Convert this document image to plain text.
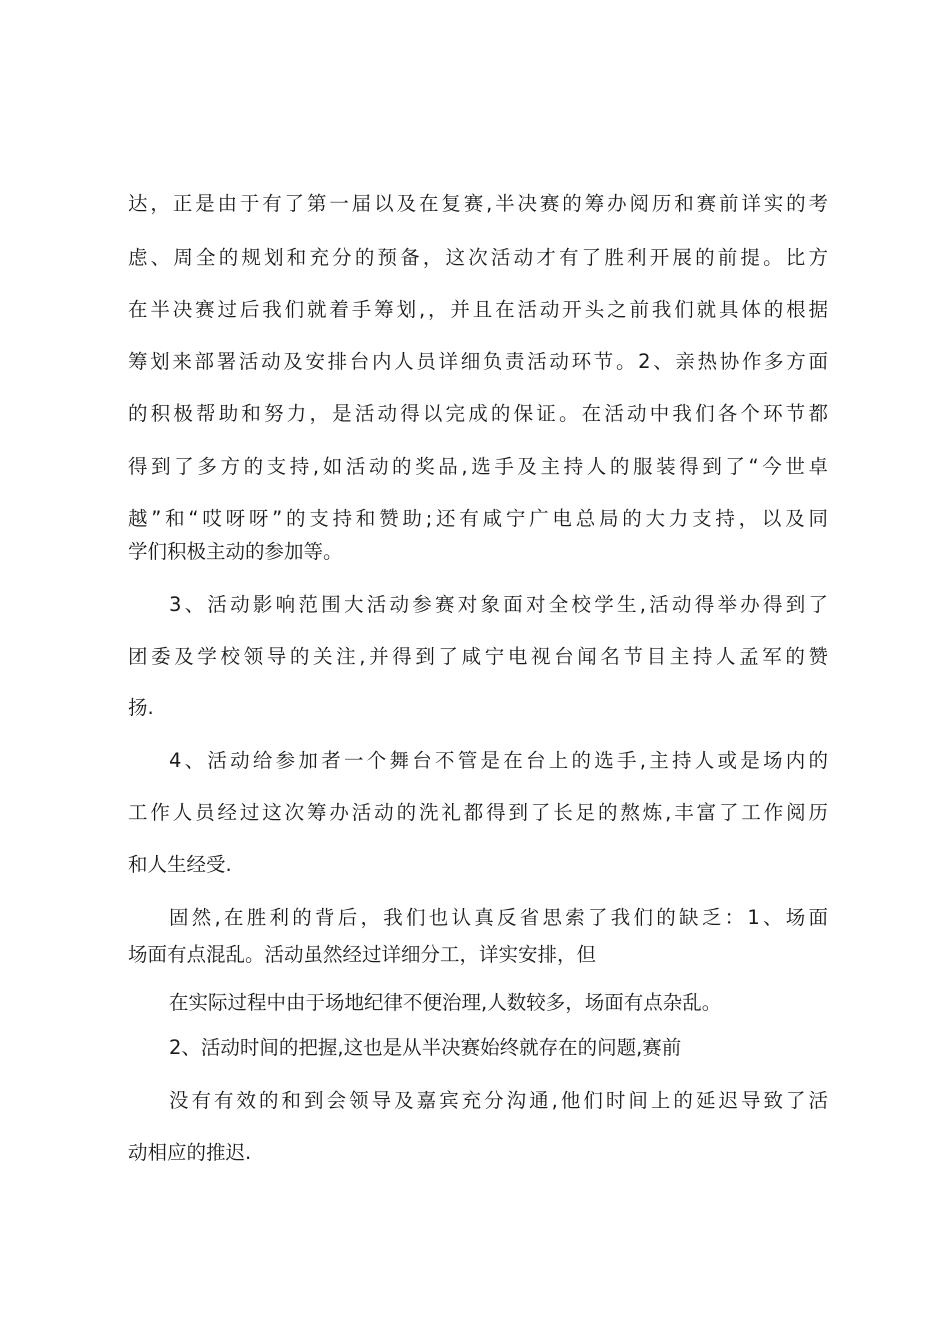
达，正是由于有了第一届以及在复赛,半决赛的筹办阅历和赛前详实的考
虑、周全的规划和充分的预备，这次活动才有了胜利开展的前提。比方
在半决赛过后我们就着手筹划,，并且在活动开头之前我们就具体的根据
筹划来部署活动及安排台内人员详细负责活动环节。2、亲热协作多方面
的积极帮助和努力，是活动得以完成的保证。在活动中我们各个环节都
得到了多方的支持,如活动的奖品,选手及主持人的服装得到了“今世卓
越”和“哎呀呀”的支持和赞助;还有咸宁广电总局的大力支持，以及同
学们积极主动的参加等。
3、活动影响范围大活动参赛对象面对全校学生,活动得举办得到了
团委及学校领导的关注,并得到了咸宁电视台闻名节目主持人孟军的赞
扬.
4、活动给参加者一个舞台不管是在台上的选手,主持人或是场内的
工作人员经过这次筹办活动的洗礼都得到了长足的熬炼,丰富了工作阅历
和人生经受.
固然,在胜利的背后，我们也认真反省思索了我们的缺乏：1、场面
场面有点混乱。活动虽然经过详细分工，详实安排，但
在实际过程中由于场地纪律不便治理,人数较多，场面有点杂乱。
2、活动时间的把握,这也是从半决赛始终就存在的问题,赛前
没有有效的和到会领导及嘉宾充分沟通,他们时间上的延迟导致了活
动相应的推迟.
